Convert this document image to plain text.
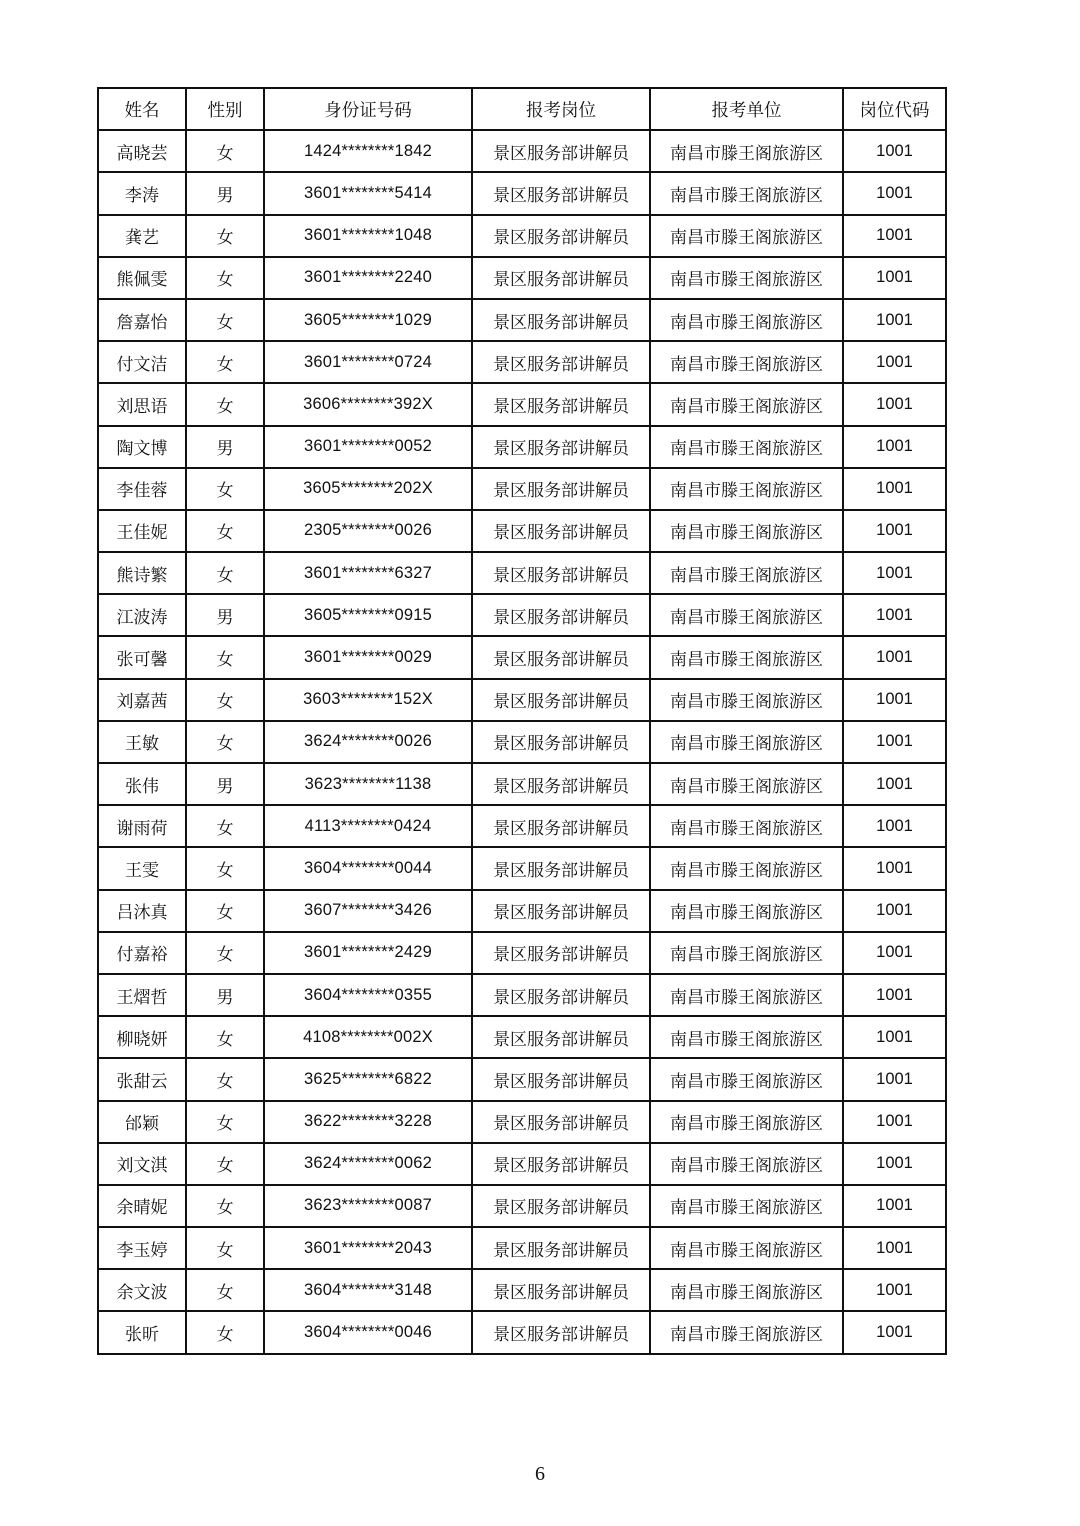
姓名	性别	身份证号码	报考岗位	报考单位	岗位代码
高晓芸	女	1424********1842	景区服务部讲解员	南昌市滕王阁旅游区	1001
李涛	男	3601********5414	景区服务部讲解员	南昌市滕王阁旅游区	1001
龚艺	女	3601********1048	景区服务部讲解员	南昌市滕王阁旅游区	1001
熊佩雯	女	3601********2240	景区服务部讲解员	南昌市滕王阁旅游区	1001
詹嘉怡	女	3605********1029	景区服务部讲解员	南昌市滕王阁旅游区	1001
付文洁	女	3601********0724	景区服务部讲解员	南昌市滕王阁旅游区	1001
刘思语	女	3606********392X	景区服务部讲解员	南昌市滕王阁旅游区	1001
陶文博	男	3601********0052	景区服务部讲解员	南昌市滕王阁旅游区	1001
李佳蓉	女	3605********202X	景区服务部讲解员	南昌市滕王阁旅游区	1001
王佳妮	女	2305********0026	景区服务部讲解员	南昌市滕王阁旅游区	1001
熊诗繁	女	3601********6327	景区服务部讲解员	南昌市滕王阁旅游区	1001
江波涛	男	3605********0915	景区服务部讲解员	南昌市滕王阁旅游区	1001
张可馨	女	3601********0029	景区服务部讲解员	南昌市滕王阁旅游区	1001
刘嘉茜	女	3603********152X	景区服务部讲解员	南昌市滕王阁旅游区	1001
王敏	女	3624********0026	景区服务部讲解员	南昌市滕王阁旅游区	1001
张伟	男	3623********1138	景区服务部讲解员	南昌市滕王阁旅游区	1001
谢雨荷	女	4113********0424	景区服务部讲解员	南昌市滕王阁旅游区	1001
王雯	女	3604********0044	景区服务部讲解员	南昌市滕王阁旅游区	1001
吕沐真	女	3607********3426	景区服务部讲解员	南昌市滕王阁旅游区	1001
付嘉裕	女	3601********2429	景区服务部讲解员	南昌市滕王阁旅游区	1001
王熠哲	男	3604********0355	景区服务部讲解员	南昌市滕王阁旅游区	1001
柳晓妍	女	4108********002X	景区服务部讲解员	南昌市滕王阁旅游区	1001
张甜云	女	3625********6822	景区服务部讲解员	南昌市滕王阁旅游区	1001
邰颖	女	3622********3228	景区服务部讲解员	南昌市滕王阁旅游区	1001
刘文淇	女	3624********0062	景区服务部讲解员	南昌市滕王阁旅游区	1001
余晴妮	女	3623********0087	景区服务部讲解员	南昌市滕王阁旅游区	1001
李玉婷	女	3601********2043	景区服务部讲解员	南昌市滕王阁旅游区	1001
余文波	女	3604********3148	景区服务部讲解员	南昌市滕王阁旅游区	1001
张昕	女	3604********0046	景区服务部讲解员	南昌市滕王阁旅游区	1001
6
